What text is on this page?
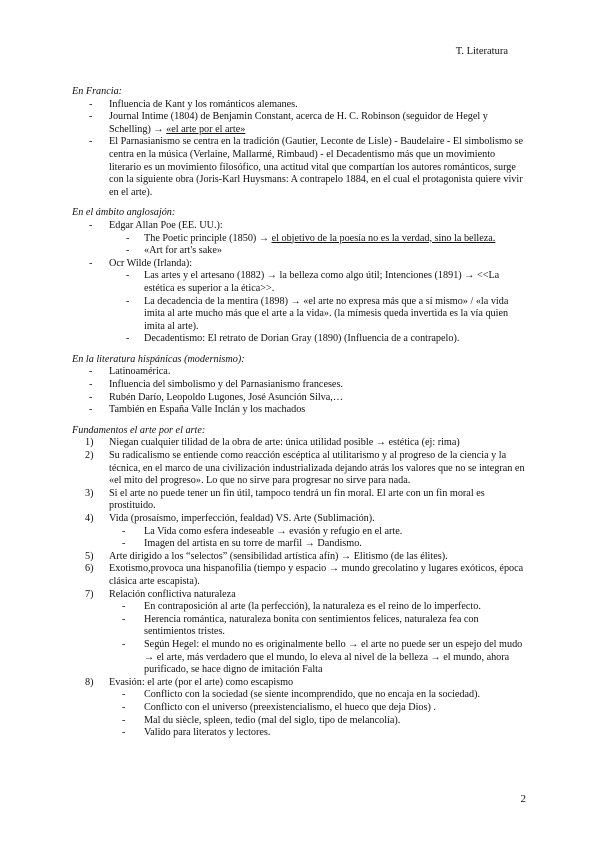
T. Literatura
En Francia:
- Influencia de Kant y los románticos alemanes.
- Journal Intime (1804) de Benjamin Constant, acerca de H. C. Robinson (seguidor de Hegel y Schelling) → «el arte por el arte»
- El Parnasianismo se centra en la tradición (Gautier, Leconte de Lisle) - Baudelaire - El simbolismo se centra en la música (Verlaine, Mallarmé, Rimbaud) - el Decadentismo más que un movimiento literario es un movimiento filosófico, una actitud vital que compartían los autores románticos, surge con la siguiente obra (Joris-Karl Huysmans: A contrapelo 1884, en el cual el protagonista quiere vivir en el arte).
En el ámbito anglosajón:
- Edgar Allan Poe (EE. UU.):
- The Poetic principle (1850) → el objetivo de la poesía no es la verdad, sino la belleza.
- «Art for art's sake»
- Ocr Wilde (Irlanda):
- Las artes y el artesano (1882) → la belleza como algo útil; Intenciones (1891) → <<La estética es superior a la ética>>.
- La decadencia de la mentira (1898) → «el arte no expresa más que a sí mismo» / «la vida imita al arte mucho más que el arte a la vida». (la mímesis queda invertida es la vía quien imita al arte).
- Decadentismo: El retrato de Dorian Gray (1890) (Influencia de a contrapelo).
En la literatura hispánicas (modernismo):
- Latinoamérica.
- Influencia del simbolismo y del Parnasianismo franceses.
- Rubén Darío, Leopoldo Lugones, José Asunción Silva,…
- También en España Valle Inclán y los machados
Fundamentos el arte por el arte:
1) Niegan cualquier tilidad de la obra de arte: única utilidad posible → estética (ej: rima)
2) Su radicalismo se entiende como reacción escéptica al utilitarismo y al progreso de la ciencia y la técnica, en el marco de una civilización industrializada dejando atrás los valores que no se integran en «el mito del progreso». Lo que no sirve para progresar no sirve para nada.
3) Si el arte no puede tener un fin útil, tampoco tendrá un fin moral. El arte con un fin moral es prostituido.
4) Vida (prosaísmo, imperfección, fealdad) VS. Arte (Sublimación).
- La Vida como esfera indeseable → evasión y refugio en el arte.
- Imagen del artista en su torre de marfil → Dandismo.
5) Arte dirigido a los “selectos” (sensibilidad artística afín) → Elitismo (de las élites).
6) Exotismo,provoca una hispanofilia (tiempo y espacio → mundo grecolatino y lugares exóticos, época clásica arte escapista).
7) Relación conflictiva naturaleza
- En contraposición al arte (la perfección), la naturaleza es el reino de lo imperfecto.
- Herencia romántica, naturaleza bonita con sentimientos felices, naturaleza fea con sentimientos tristes.
- Según Hegel: el mundo no es originalmente bello → el arte no puede ser un espejo del mudo → el arte, más verdadero que el mundo, lo eleva al nivel de la belleza → el mundo, ahora purificado, se hace digno de imitación Falta
8) Evasión: el arte (por el arte) como escapismo
- Conflicto con la sociedad (se siente incomprendido, que no encaja en la sociedad).
- Conflicto con el universo (preexistencialismo, el hueco que deja Dios) .
- Mal du siècle, spleen, tedio (mal del siglo, tipo de melancolía).
- Valido para literatos y lectores.
2
